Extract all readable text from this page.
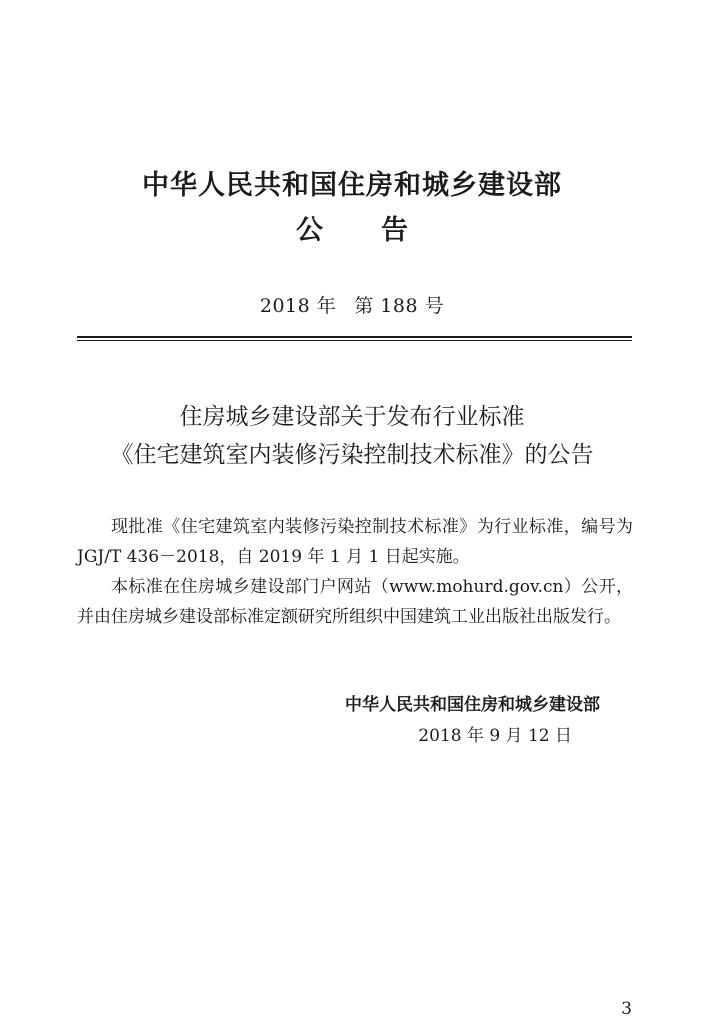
中华人民共和国住房和城乡建设部
公 告
2018 年 第 188 号
住房城乡建设部关于发布行业标准
《住宅建筑室内装修污染控制技术标准》的公告

现批准《住宅建筑室内装修污染控制技术标准》为行业标准，编号为 JGJ/T 436－2018，自 2019 年 1 月 1 日起实施。

本标准在住房城乡建设部门户网站（www.mohurd.gov.cn）公开，并由住房城乡建设部标准定额研究所组织中国建筑工业出版社出版发行。

中华人民共和国住房和城乡建设部
2018 年 9 月 12 日
3
